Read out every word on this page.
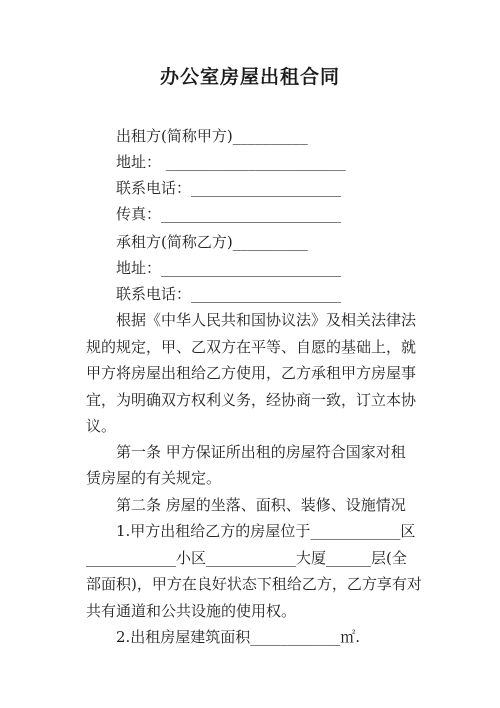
办公室房屋出租合同
出租方(简称甲方)__________
地址： ________________________
联系电话：____________________
传真：________________________
承租方(简称乙方)__________
地址：________________________
联系电话：____________________
根据《中华人民共和国协议法》及相关法律法
规的规定，甲、乙双方在平等、自愿的基础上，就
甲方将房屋出租给乙方使用，乙方承租甲方房屋事
宜，为明确双方权利义务，经协商一致，订立本协
议。
第一条 甲方保证所出租的房屋符合国家对租
赁房屋的有关规定。
第二条 房屋的坐落、面积、装修、设施情况
1.甲方出租给乙方的房屋位于____________区
____________小区____________大厦______层(全
部面积)，甲方在良好状态下租给乙方，乙方享有对
共有通道和公共设施的使用权。
2.出租房屋建筑面积____________㎡.
